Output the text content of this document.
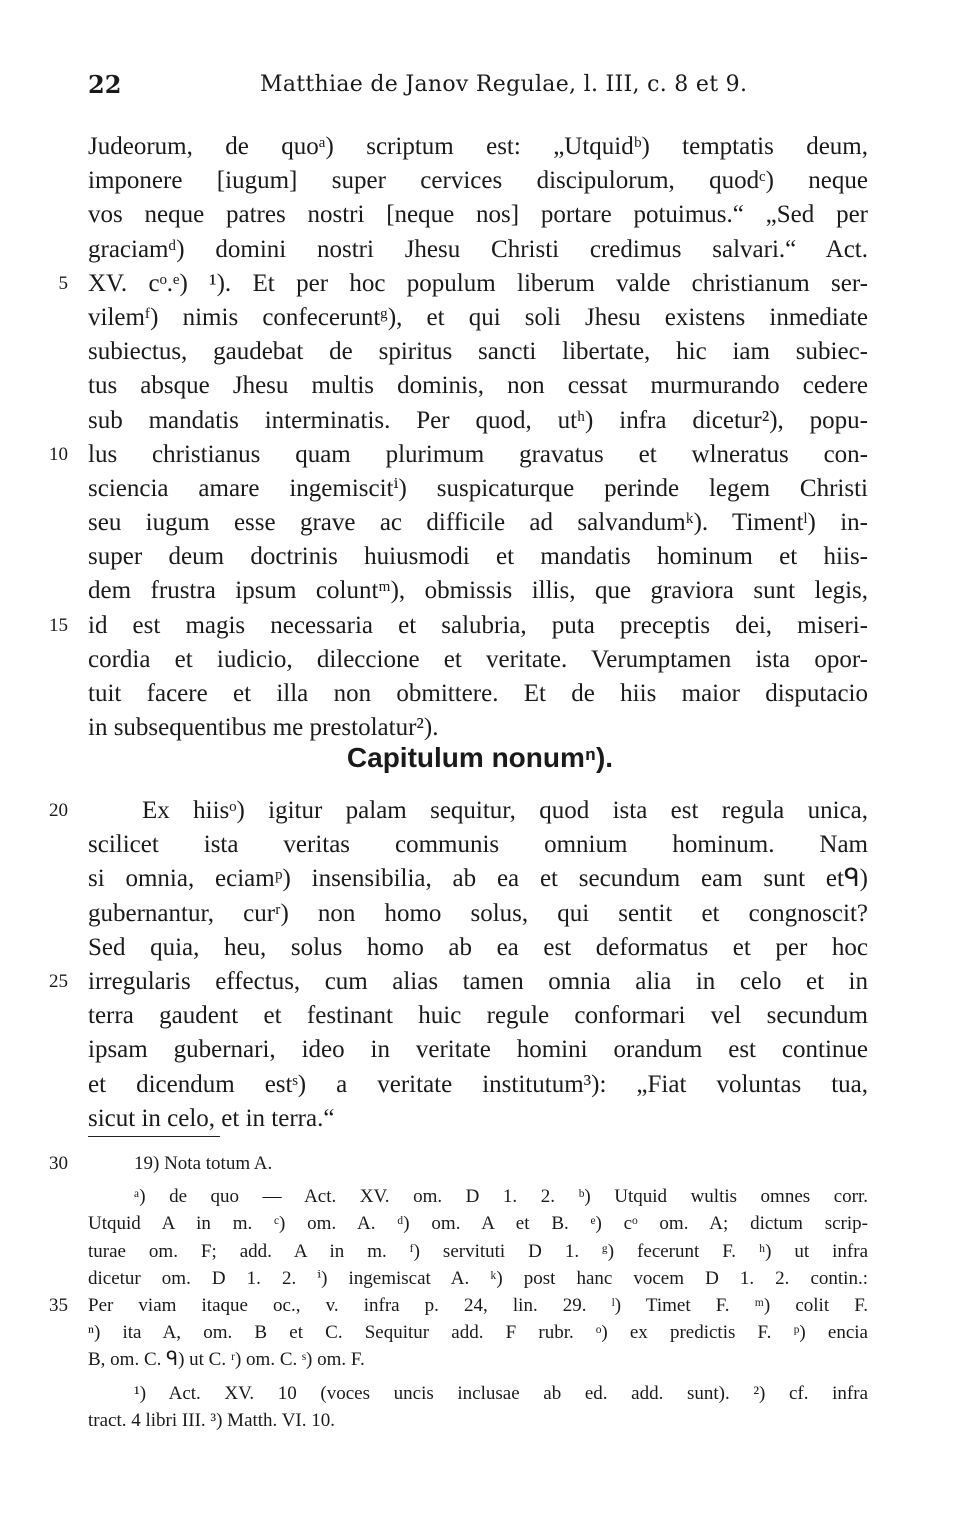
22	Matthiae de Janov Regulae, l. III, c. 8 et 9.
Judeorum, de quoᵃ) scriptum est: „Utquidᵇ) temptatis deum,
imponere [iugum] super cervices discipulorum, quodᶜ) neque
vos neque patres nostri [neque nos] portare potuimus.“ „Sed per
graciamᵈ) domini nostri Jhesu Christi credimus salvari.“ Act.
5 XV. cᵒ.ᵉ) ¹). Et per hoc populum liberum valde christianum ser-
vilemᶠ) nimis confeceruntᵍ), et qui soli Jhesu existens inmediate
subiectus, gaudebat de spiritus sancti libertate, hic iam subiec-
tus absque Jhesu multis dominis, non cessat murmurando cedere
sub mandatis interminatis. Per quod, utʰ) infra dicetur²), popu-
10 lus christianus quam plurimum gravatus et wlneratus con-
sciencia amare ingemiscitⁱ) suspicaturque perinde legem Christi
seu iugum esse grave ac difficile ad salvandumᵏ). Timentˡ) in-
super deum doctrinis huiusmodi et mandatis hominum et hiis-
dem frustra ipsum coluntᵐ), obmissis illis, que graviora sunt legis,
15 id est magis necessaria et salubria, puta preceptis dei, miseri-
cordia et iudicio, dileccione et veritate. Verumptamen ista opor-
tuit facere et illa non obmittere. Et de hiis maior disputacio
in subsequentibus me prestolatur²).
Capitulum nonumⁿ).
20	Ex hiisᵒ) igitur palam sequitur, quod ista est regula unica,
scilicet ista veritas communis omnium hominum. Nam
si omnia, eciamᵖ) insensibilia, ab ea et secundum eam sunt etᑫ)
gubernantur, curʳ) non homo solus, qui sentit et congnoscit?
Sed quia, heu, solus homo ab ea est deformatus et per hoc
25 irregularis effectus, cum alias tamen omnia alia in celo et in
terra gaudent et festinant huic regule conformari vel secundum
ipsam gubernari, ideo in veritate homini orandum est continue
et dicendum estˢ) a veritate institutum³): „Fiat voluntas tua,
sicut in celo, et in terra.“
30	19) Nota totum A.
ᵃ) de quo — Act. XV. om. D 1. 2. ᵇ) Utquid wultis omnes corr.
Utquid A in m. ᶜ) om. A. ᵈ) om. A et B. ᵉ) cᵒ om. A; dictum scrip-
turae om. F; add. A in m. ᶠ) servituti D 1. ᵍ) fecerunt F. ʰ) ut infra
dicetur om. D 1. 2. ⁱ) ingemiscat A. ᵏ) post hanc vocem D 1. 2. contin.:
35 Per viam itaque oc., v. infra p. 24, lin. 29. ˡ) Timet F. ᵐ) colit F.
ⁿ) ita A, om. B et C. Sequitur add. F rubr. ᵒ) ex predictis F. ᵖ) encia
B, om. C. ᑫ) ut C. ʳ) om. C. ˢ) om. F.
¹) Act. XV. 10 (voces uncis inclusae ab ed. add. sunt). ²) cf. infra
tract. 4 libri III. ³) Matth. VI. 10.
